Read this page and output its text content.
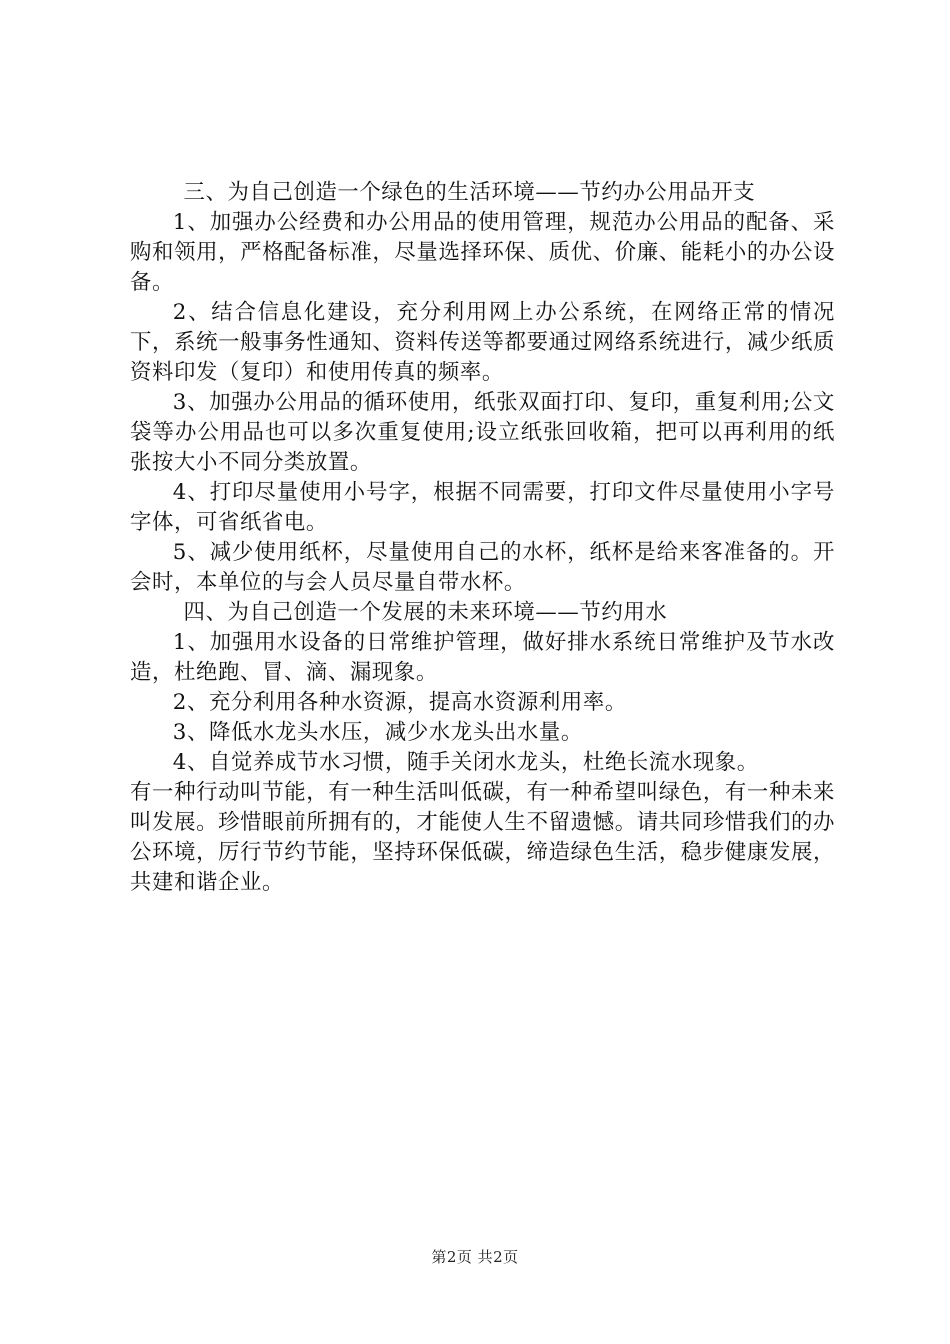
三、为自己创造一个绿色的生活环境——节约办公用品开支

1、加强办公经费和办公用品的使用管理，规范办公用品的配备、采购和领用，严格配备标准，尽量选择环保、质优、价廉、能耗小的办公设备。

2、结合信息化建设，充分利用网上办公系统，在网络正常的情况下，系统一般事务性通知、资料传送等都要通过网络系统进行，减少纸质资料印发（复印）和使用传真的频率。

3、加强办公用品的循环使用，纸张双面打印、复印，重复利用;公文袋等办公用品也可以多次重复使用;设立纸张回收箱，把可以再利用的纸张按大小不同分类放置。

4、打印尽量使用小号字，根据不同需要，打印文件尽量使用小字号字体，可省纸省电。

5、减少使用纸杯，尽量使用自己的水杯，纸杯是给来客准备的。开会时，本单位的与会人员尽量自带水杯。

四、为自己创造一个发展的未来环境——节约用水

1、加强用水设备的日常维护管理，做好排水系统日常维护及节水改造，杜绝跑、冒、滴、漏现象。

2、充分利用各种水资源，提高水资源利用率。

3、降低水龙头水压，减少水龙头出水量。

4、自觉养成节水习惯，随手关闭水龙头，杜绝长流水现象。

有一种行动叫节能，有一种生活叫低碳，有一种希望叫绿色，有一种未来叫发展。珍惜眼前所拥有的，才能使人生不留遗憾。请共同珍惜我们的办公环境，厉行节约节能，坚持环保低碳，缔造绿色生活，稳步健康发展，共建和谐企业。

第2页 共2页
